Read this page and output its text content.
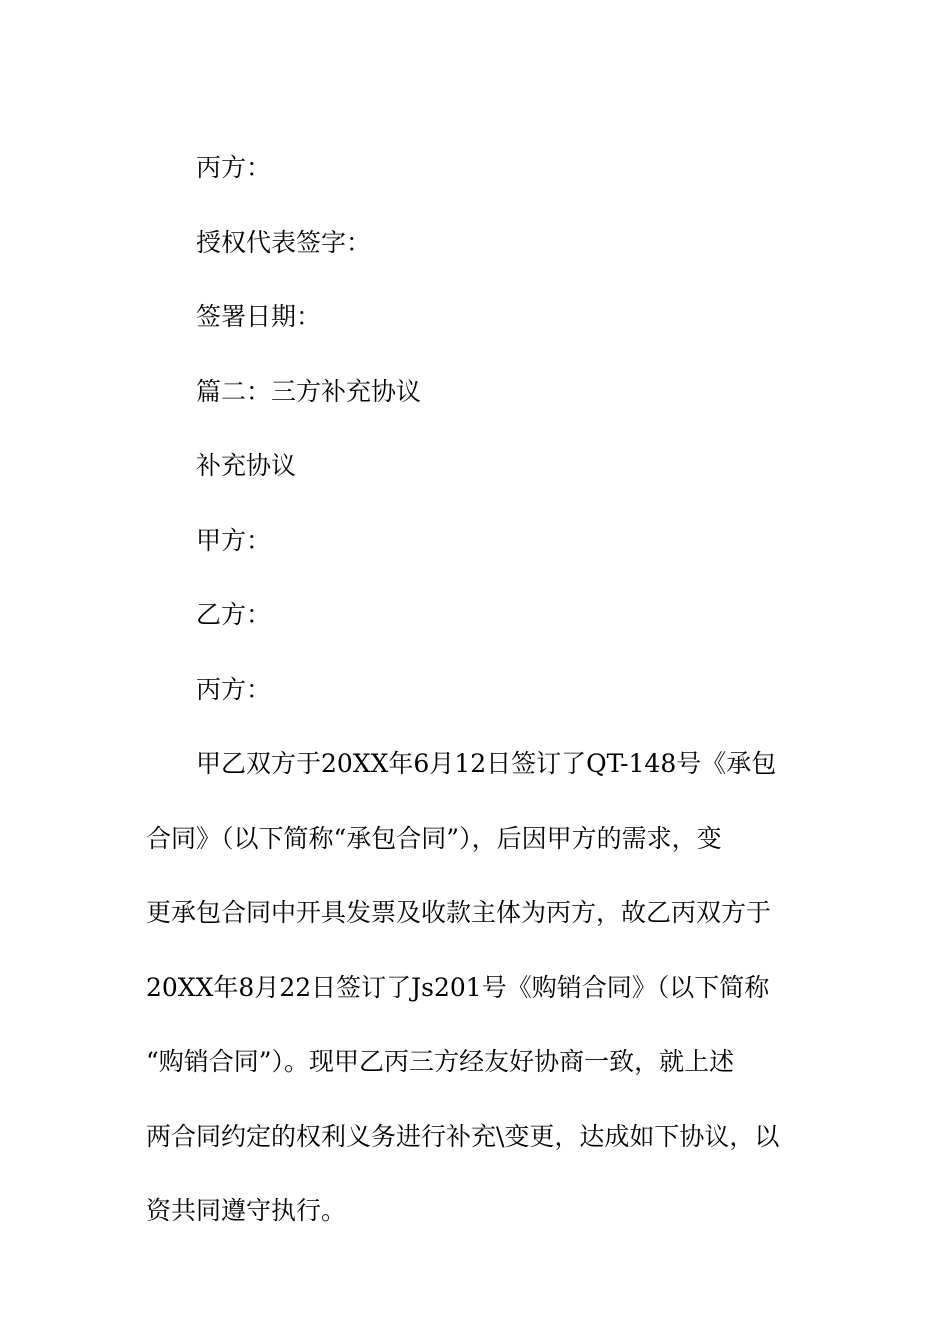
丙方：
授权代表签字：
签署日期：
篇二：三方补充协议
补充协议
甲方：
乙方：
丙方：
甲乙双方于20XX年6月12日签订了QT-148号《承包
合同》（以下简称“承包合同”），后因甲方的需求，变
更承包合同中开具发票及收款主体为丙方，故乙丙双方于
20XX年8月22日签订了Js201号《购销合同》（以下简称
“购销合同”）。现甲乙丙三方经友好协商一致，就上述
两合同约定的权利义务进行补充\变更，达成如下协议，以
资共同遵守执行。
